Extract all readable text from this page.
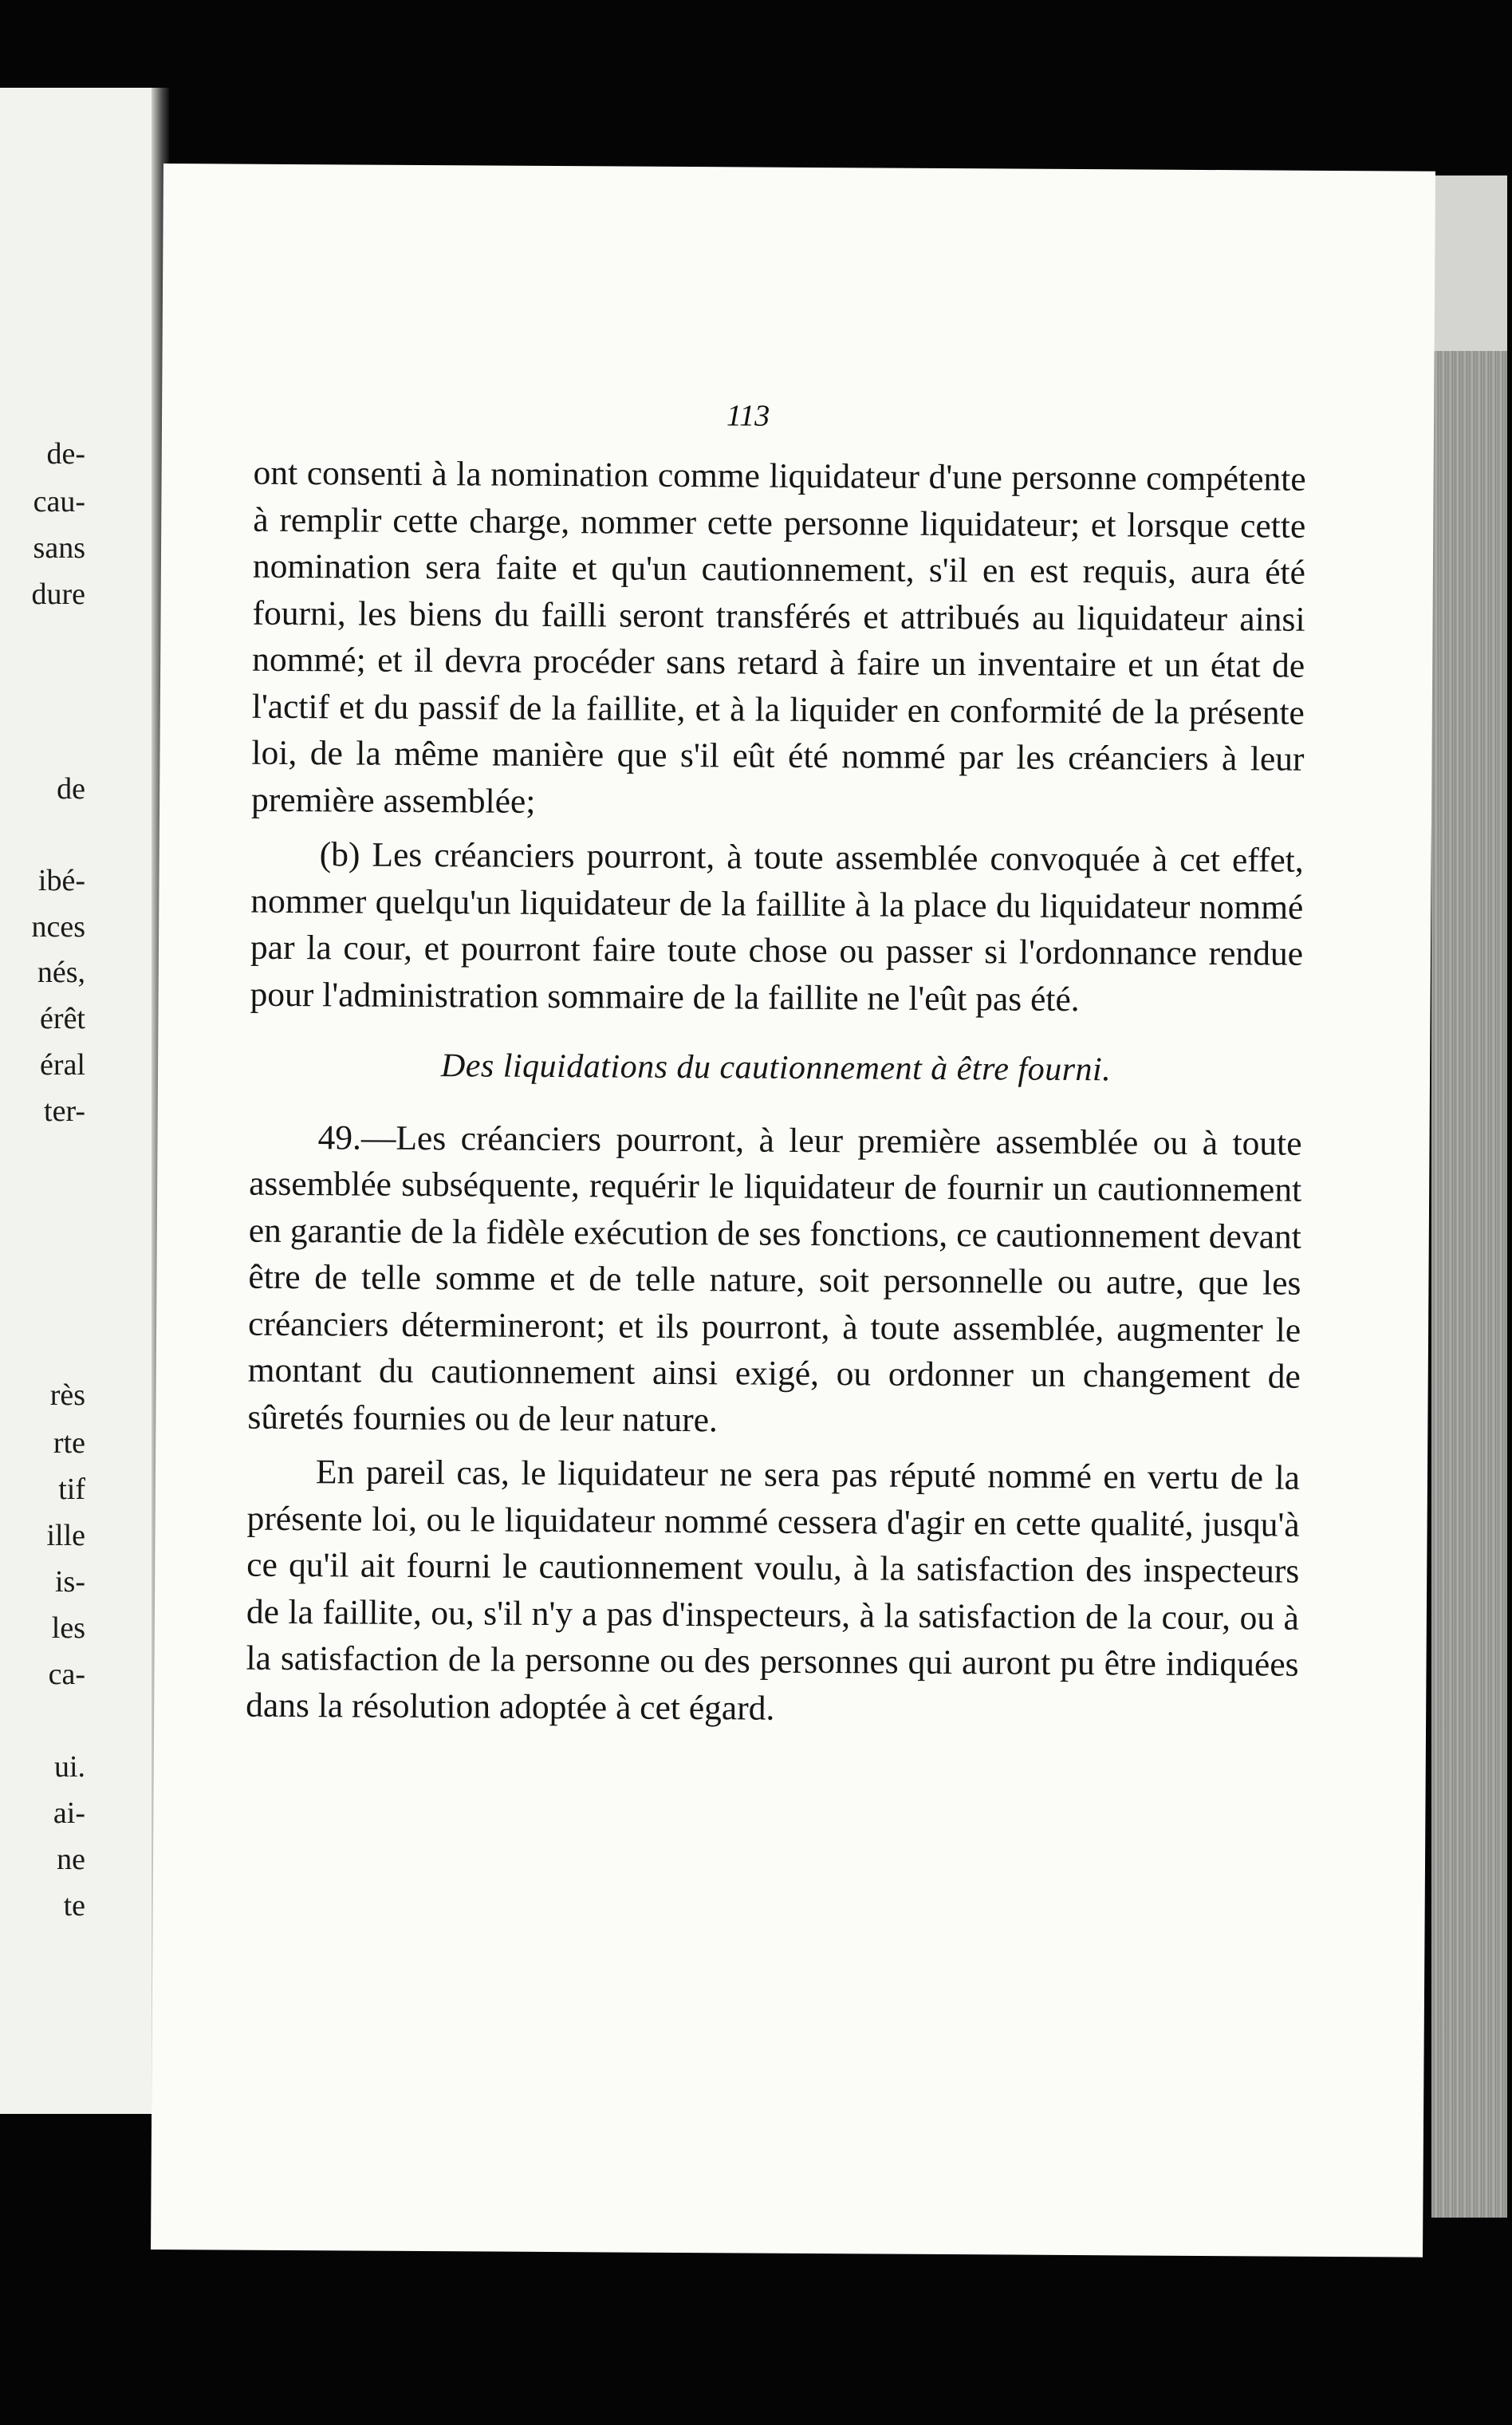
de-
cau-
sans
dure
de
ibé-
nces
nés,
érêt
éral
ter-
rès
rte
tif
ille
is-
les
ca-
ui.
ai-
ne
te
113

ont consenti à la nomination comme liquidateur d'une personne compétente à remplir cette charge, nommer cette personne liquidateur; et lorsque cette nomination sera faite et qu'un cautionnement, s'il en est requis, aura été fourni, les biens du failli seront transférés et attribués au liquidateur ainsi nommé; et il devra procéder sans retard à faire un inventaire et un état de l'actif et du passif de la faillite, et à la liquider en conformité de la présente loi, de la même manière que s'il eût été nommé par les créanciers à leur première assemblée;

(b) Les créanciers pourront, à toute assemblée convoquée à cet effet, nommer quelqu'un liquidateur de la faillite à la place du liquidateur nommé par la cour, et pourront faire toute chose ou passer si l'ordonnance rendue pour l'administration sommaire de la faillite ne l'eût pas été.

Des liquidations du cautionnement à être fourni.

49.—Les créanciers pourront, à leur première assemblée ou à toute assemblée subséquente, requérir le liquidateur de fournir un cautionnement en garantie de la fidèle exécution de ses fonctions, ce cautionnement devant être de telle somme et de telle nature, soit personnelle ou autre, que les créanciers détermineront; et ils pourront, à toute assemblée, augmenter le montant du cautionnement ainsi exigé, ou ordonner un changement de sûretés fournies ou de leur nature.

En pareil cas, le liquidateur ne sera pas réputé nommé en vertu de la présente loi, ou le liquidateur nommé cessera d'agir en cette qualité, jusqu'à ce qu'il ait fourni le cautionnement voulu, à la satisfaction des inspecteurs de la faillite, ou, s'il n'y a pas d'inspecteurs, à la satisfaction de la cour, ou à la satisfaction de la personne ou des personnes qui auront pu être indiquées dans la résolution adoptée à cet égard.
